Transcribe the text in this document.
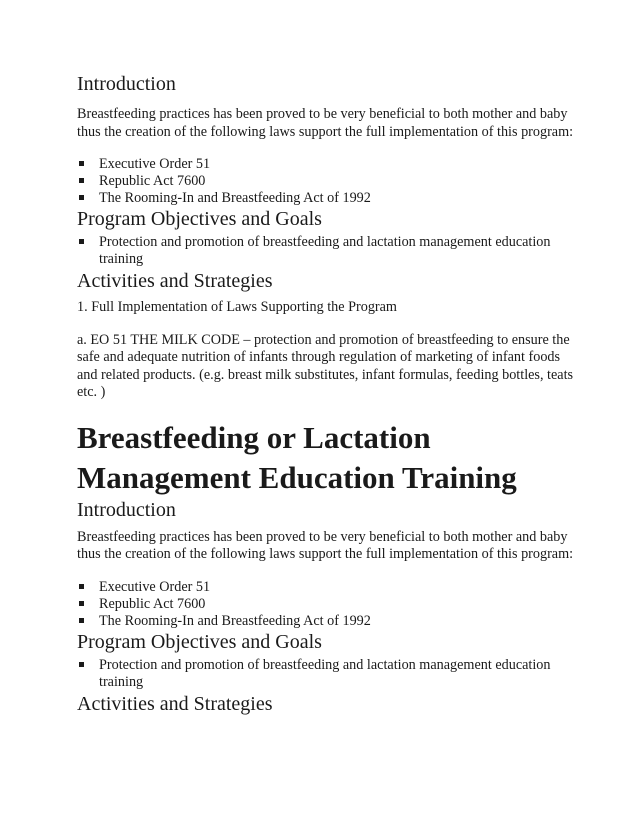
Introduction

Breastfeeding practices has been proved to be very beneficial to both mother and baby thus the creation of the following laws support the full implementation of this program:

Executive Order 51
Republic Act 7600
The Rooming-In and Breastfeeding Act of 1992
Program Objectives and Goals
Protection and promotion of breastfeeding and lactation management education training
Activities and Strategies

1. Full Implementation of Laws Supporting the Program

a. EO 51 THE MILK CODE – protection and promotion of breastfeeding to ensure the safe and adequate nutrition of infants through regulation of marketing of infant foods and related products. (e.g. breast milk substitutes, infant formulas, feeding bottles, teats etc. )

Breastfeeding or Lactation
Management Education Training
Introduction

Breastfeeding practices has been proved to be very beneficial to both mother and baby thus the creation of the following laws support the full implementation of this program:

Executive Order 51
Republic Act 7600
The Rooming-In and Breastfeeding Act of 1992
Program Objectives and Goals
Protection and promotion of breastfeeding and lactation management education training
Activities and Strategies
